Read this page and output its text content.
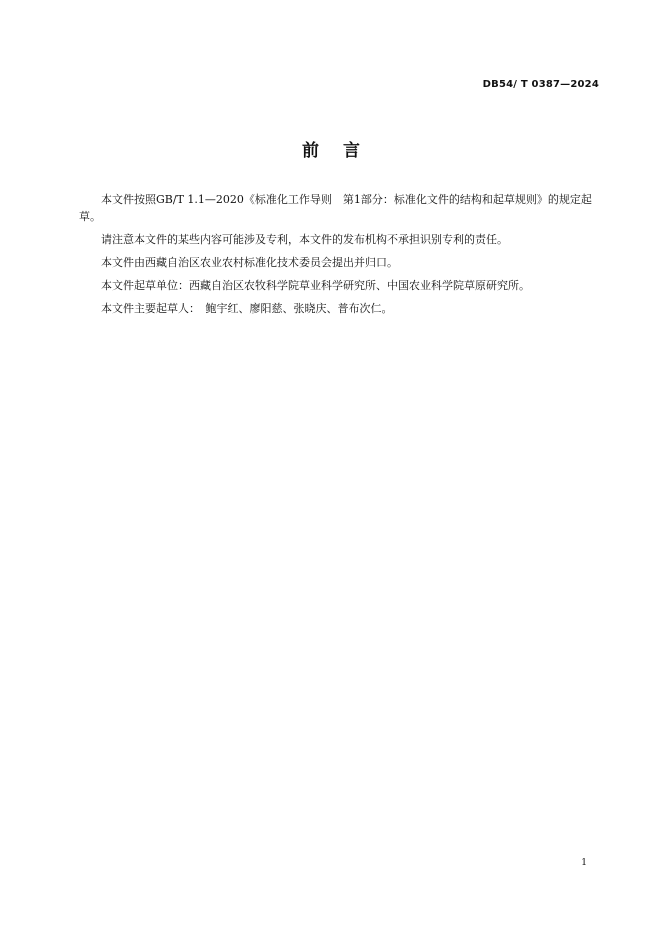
DB54/ T 0387—2024
前言

本文件按照GB/T 1.1—2020《标准化工作导则　第1部分：标准化文件的结构和起草规则》的规定起草。

请注意本文件的某些内容可能涉及专利，本文件的发布机构不承担识别专利的责任。

本文件由西藏自治区农业农村标准化技术委员会提出并归口。

本文件起草单位：西藏自治区农牧科学院草业科学研究所、中国农业科学院草原研究所。

本文件主要起草人：　鲍宇红、廖阳慈、张晓庆、普布次仁。

1
